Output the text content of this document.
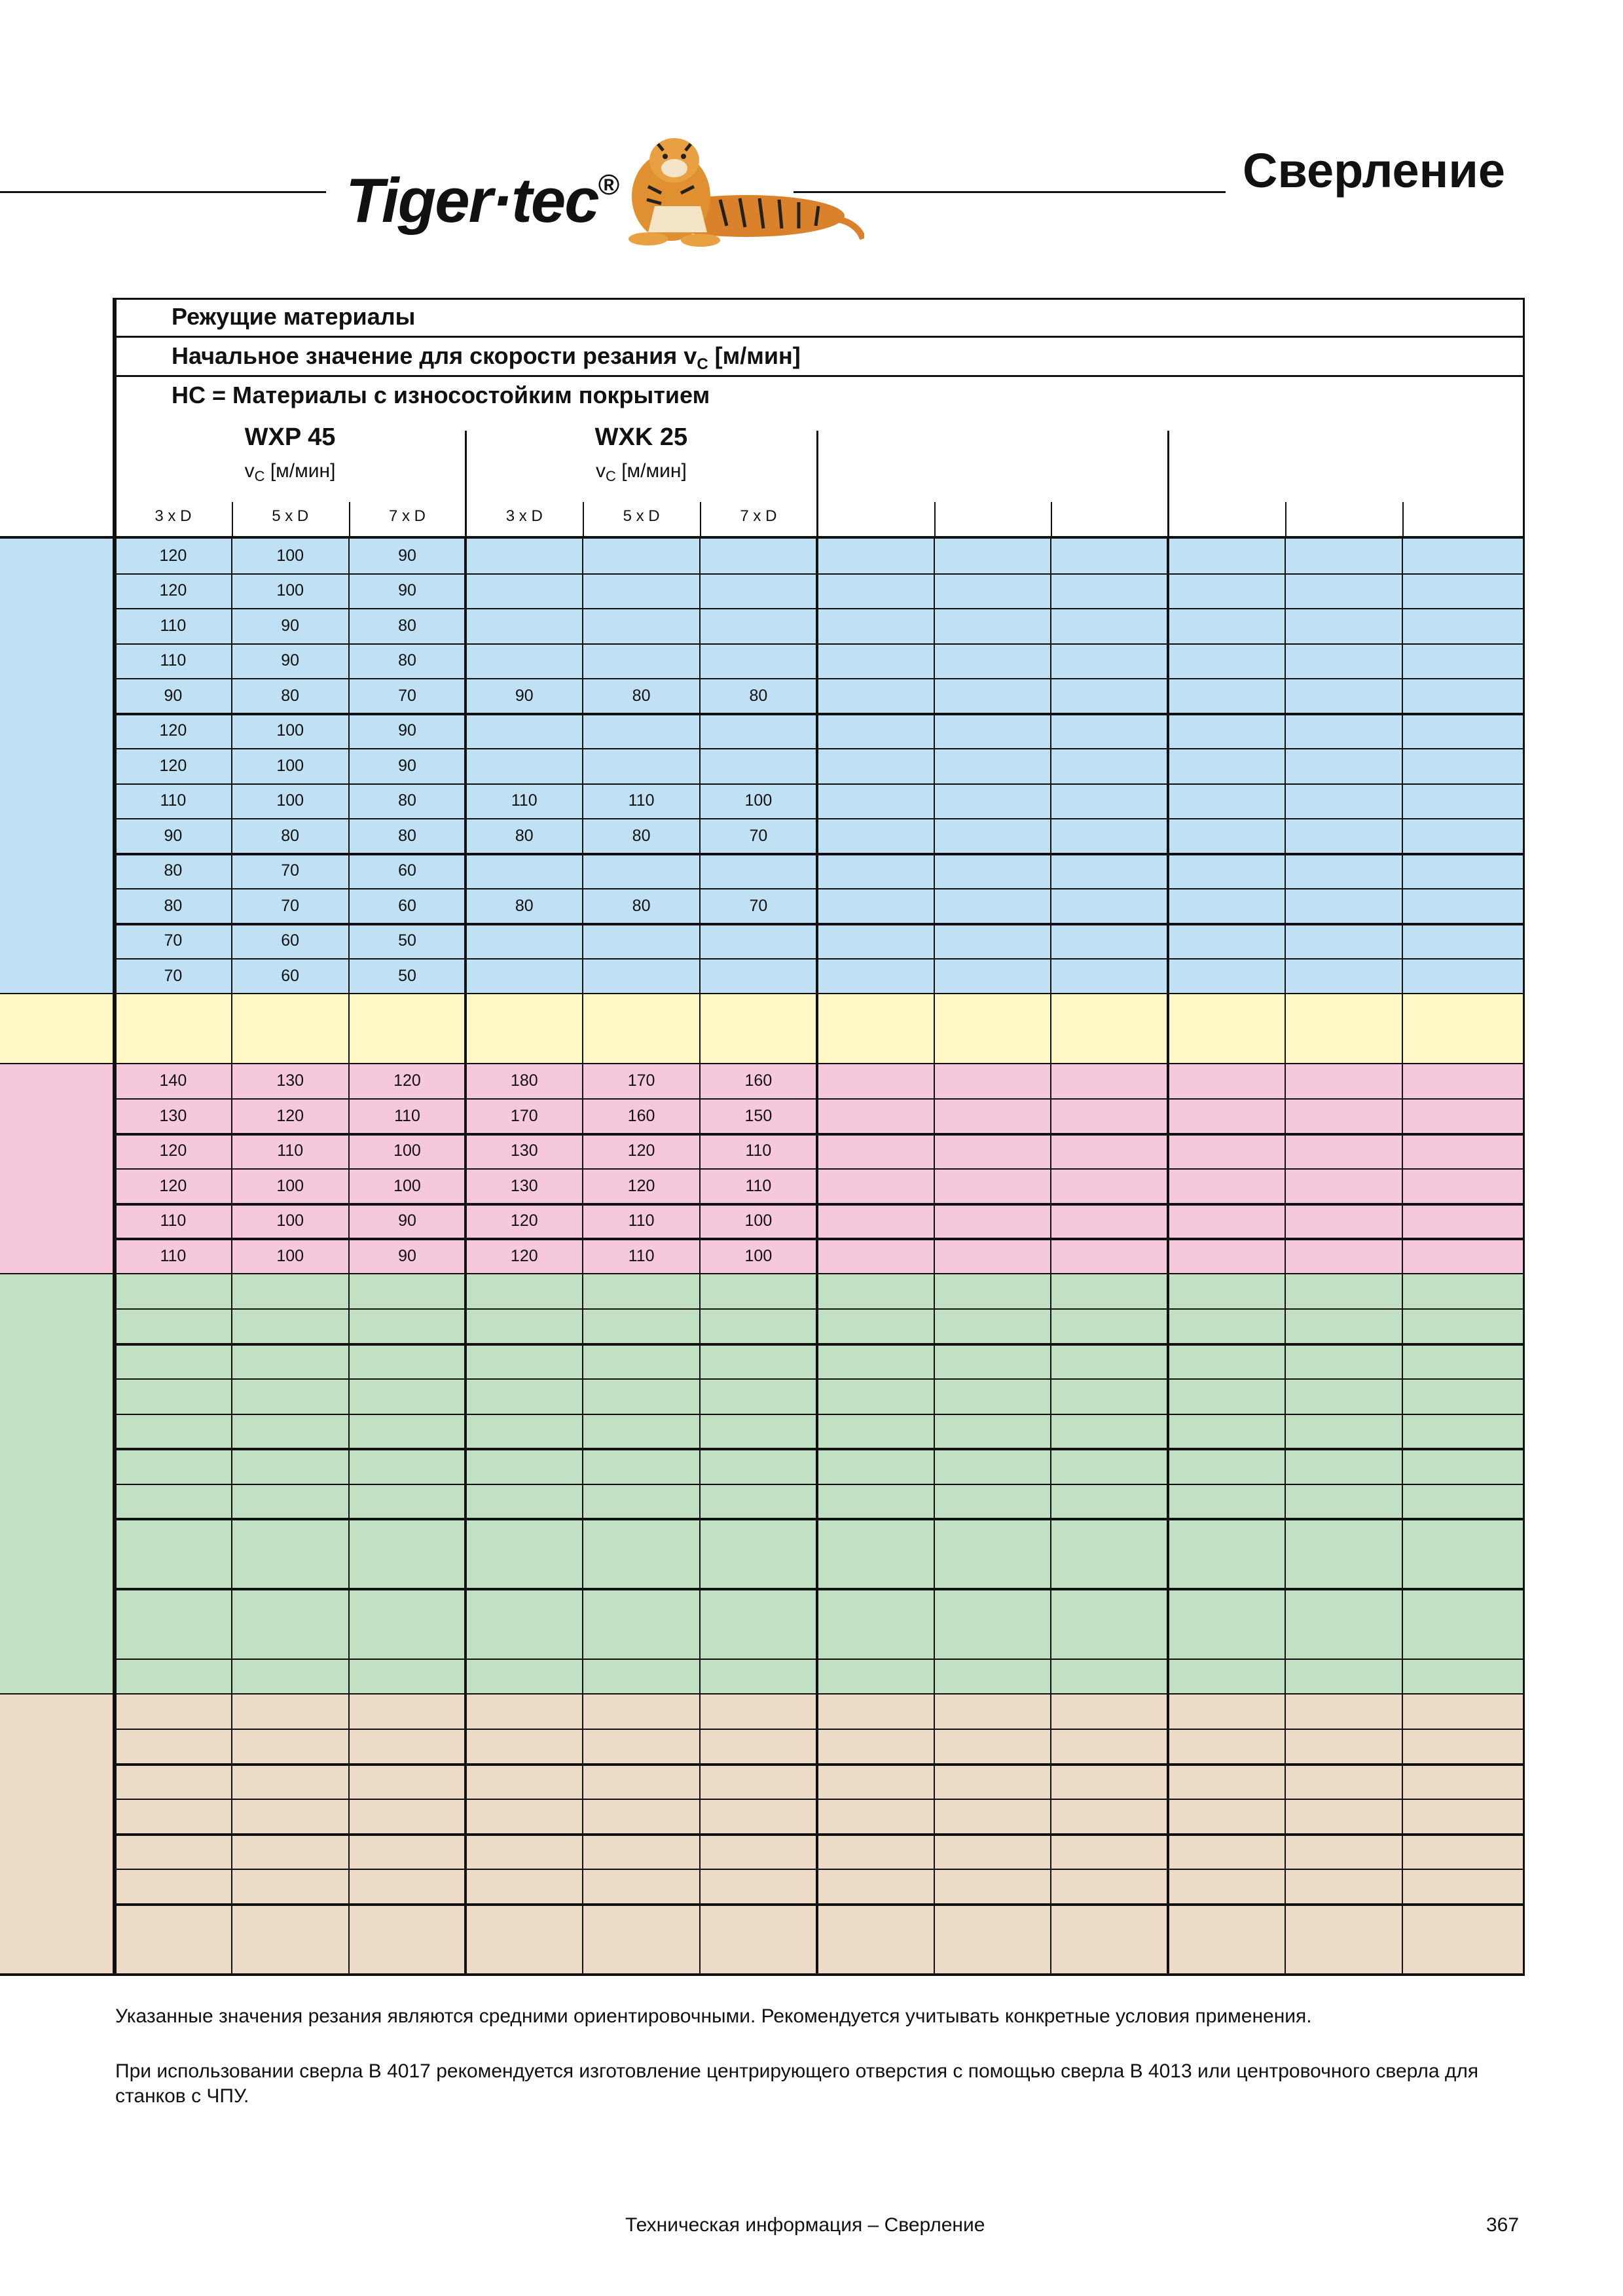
Tiger·tec®	Сверление
Режущие материалы
Начальное значение для скорости резания $v_C$ [м/мин]
HC = Материалы с износостойким покрытием
WXP 45
$v_C$ [м/мин]
3 x D	5 x D	7 x D
WXK 25
$v_C$ [м/мин]
3 x D	5 x D	7 x D
120	100	90
120	100	90
110	90	80
110	90	80
90	80	70	90	80	80
120	100	90
120	100	90
110	100	80	110	110	100
90	80	80	80	80	70
80	70	60
80	70	60	80	80	70
70	60	50
70	60	50
140	130	120	180	170	160
130	120	110	170	160	150
120	110	100	130	120	110
120	100	100	130	120	110
110	100	90	120	110	100
110	100	90	120	110	100
Указанные значения резания являются средними ориентировочными. Рекомендуется учитывать конкретные условия применения.
При использовании сверла B 4017 рекомендуется изготовление центрирующего отверстия с помощью сверла B 4013 или центровочного сверла для станков с ЧПУ.
Техническая информация – Сверление	367
